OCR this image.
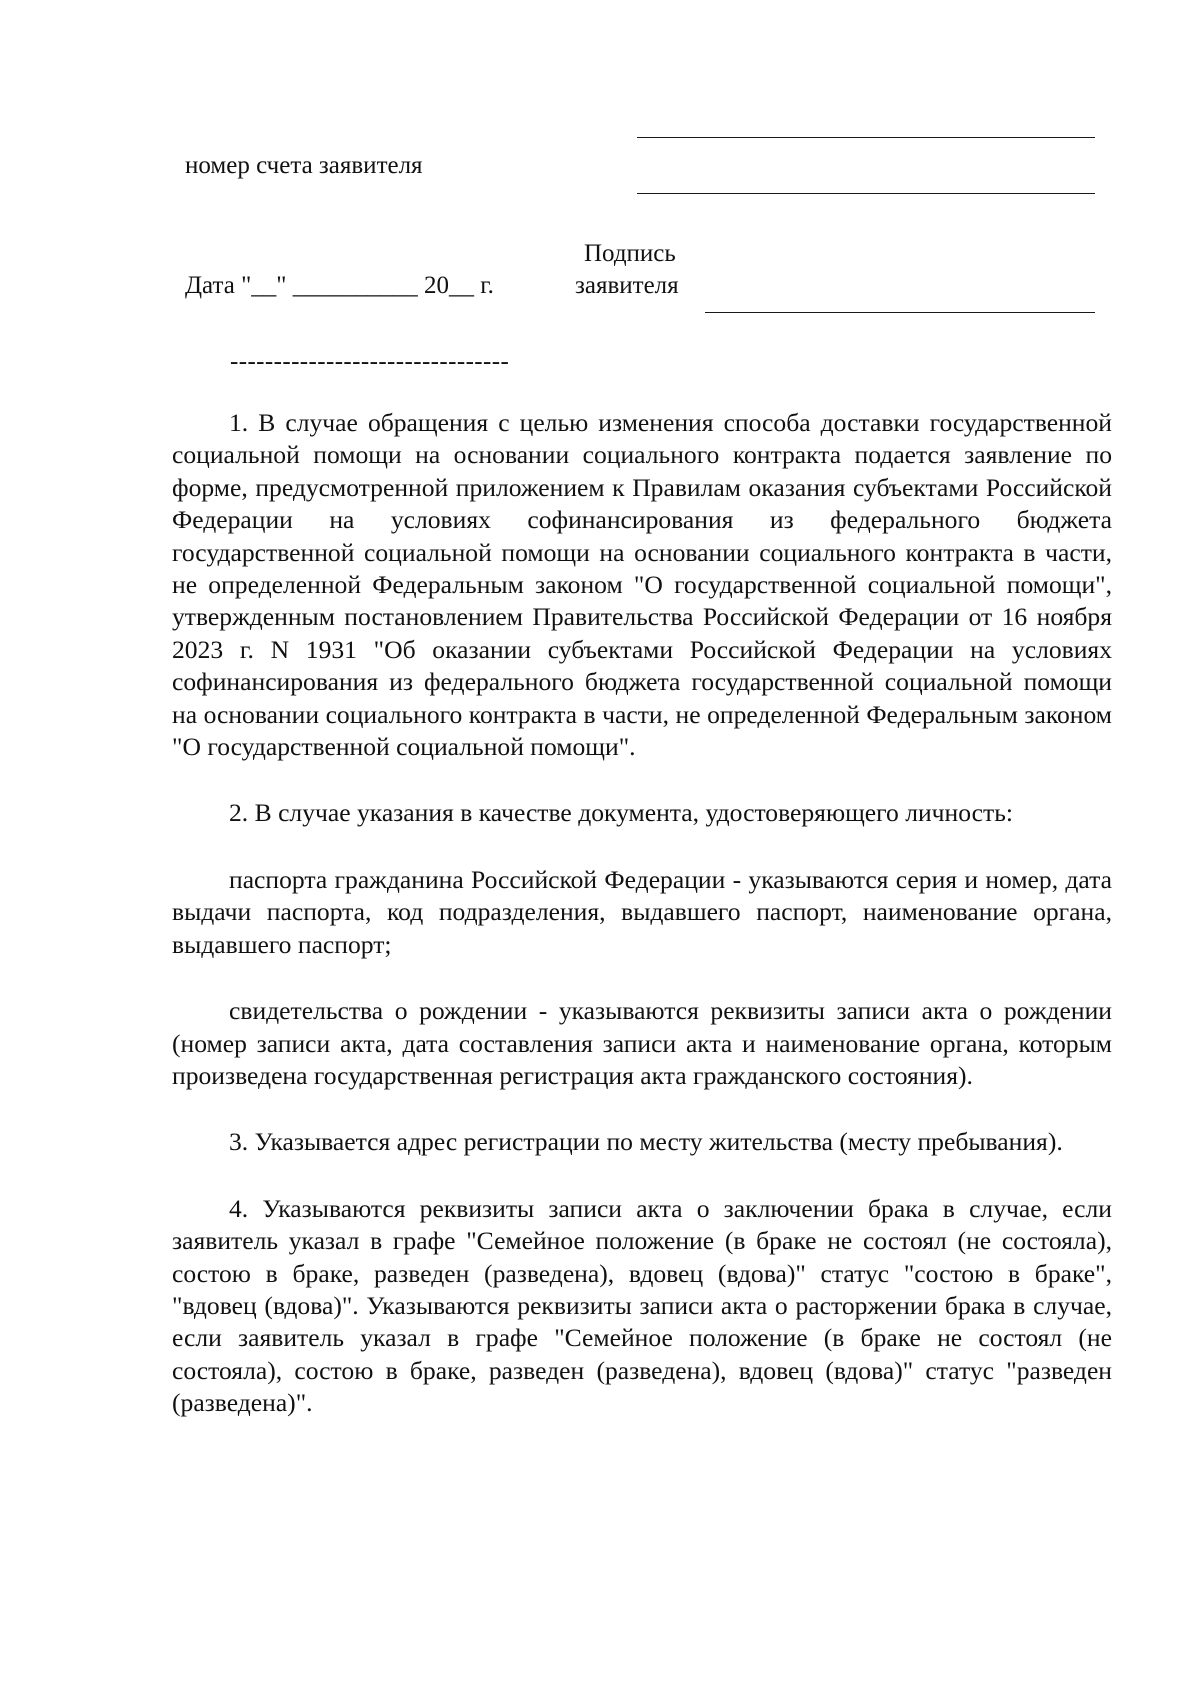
номер счета заявителя
Подпись
Дата "__" __________ 20__ г.	заявителя
--------------------------------

1. В случае обращения с целью изменения способа доставки государственной социальной помощи на основании социального контракта подается заявление по форме, предусмотренной приложением к Правилам оказания субъектами Российской Федерации на условиях софинансирования из федерального бюджета государственной социальной помощи на основании социального контракта в части, не определенной Федеральным законом "О государственной социальной помощи", утвержденным постановлением Правительства Российской Федерации от 16 ноября 2023 г. N 1931 "Об оказании субъектами Российской Федерации на условиях софинансирования из федерального бюджета государственной социальной помощи на основании социального контракта в части, не определенной Федеральным законом "О государственной социальной помощи".

2. В случае указания в качестве документа, удостоверяющего личность:

паспорта гражданина Российской Федерации - указываются серия и номер, дата выдачи паспорта, код подразделения, выдавшего паспорт, наименование органа, выдавшего паспорт;

свидетельства о рождении - указываются реквизиты записи акта о рождении (номер записи акта, дата составления записи акта и наименование органа, которым произведена государственная регистрация акта гражданского состояния).

3. Указывается адрес регистрации по месту жительства (месту пребывания).

4. Указываются реквизиты записи акта о заключении брака в случае, если заявитель указал в графе "Семейное положение (в браке не состоял (не состояла), состою в браке, разведен (разведена), вдовец (вдова)" статус "состою в браке", "вдовец (вдова)". Указываются реквизиты записи акта о расторжении брака в случае, если заявитель указал в графе "Семейное положение (в браке не состоял (не состояла), состою в браке, разведен (разведена), вдовец (вдова)" статус "разведен (разведена)".
